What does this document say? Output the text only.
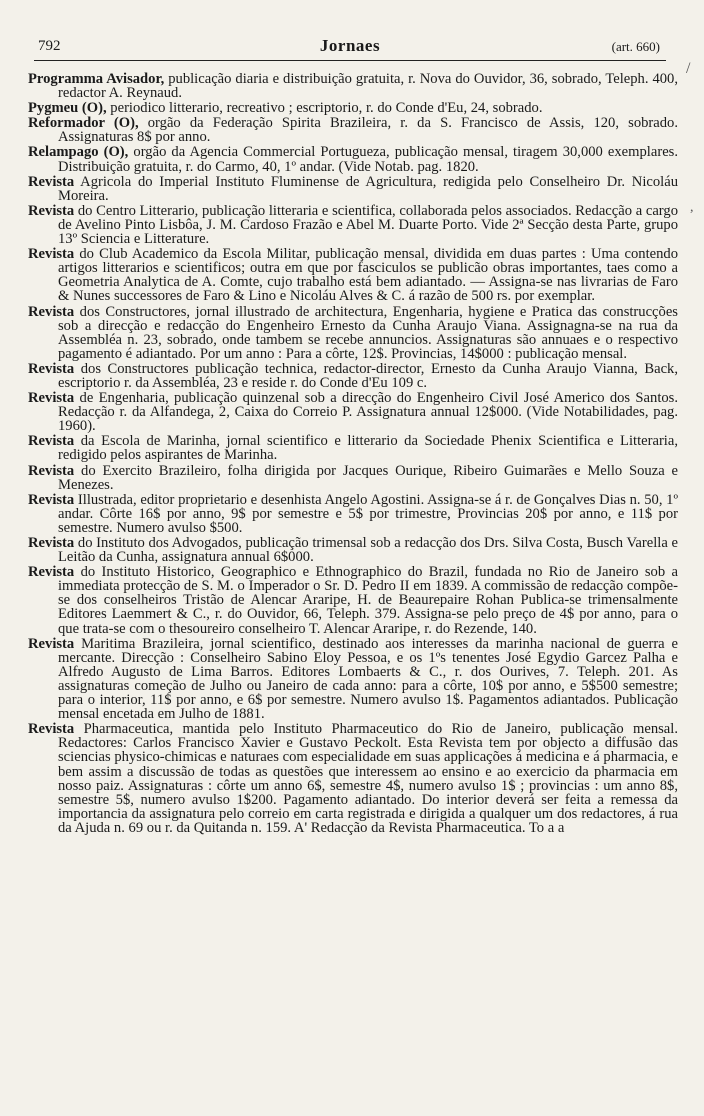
792	Jornaes	(art. 660)
/
,

Programma Avisador, publicação diaria e distribuição gratuita, r. Nova do Ouvidor, 36, sobrado, Teleph. 400, redactor A. Reynaud.

Pygmeu (O), periodico litterario, recreativo ; escriptorio, r. do Conde d'Eu, 24, sobrado.

Reformador (O), orgão da Federação Spirita Brazileira, r. da S. Francisco de Assis, 120, sobrado. Assignaturas 8$ por anno.

Relampago (O), orgão da Agencia Commercial Portugueza, publicação mensal, tiragem 30,000 exemplares. Distribuição gratuita, r. do Carmo, 40, 1º andar. (Vide Notab. pag. 1820.

Revista Agricola do Imperial Instituto Fluminense de Agricultura, redigida pelo Conselheiro Dr. Nicoláu Moreira.

Revista do Centro Litterario, publicação litteraria e scientifica, collaborada pelos associados. Redacção a cargo de Avelino Pinto Lisbôa, J. M. Cardoso Frazão e Abel M. Duarte Porto. Vide 2ª Secção desta Parte, grupo 13º Sciencia e Litterature.

Revista do Club Academico da Escola Militar, publicação mensal, dividida em duas partes : Uma contendo artigos litterarios e scientificos; outra em que por fasciculos se publicão obras importantes, taes como a Geometria Analytica de A. Comte, cujo trabalho está bem adiantado. — Assigna-se nas livrarias de Faro & Nunes successores de Faro & Lino e Nicoláu Alves & C. á razão de 500 rs. por exemplar.

Revista dos Constructores, jornal illustrado de architectura, Engenharia, hygiene e Pratica das construcções sob a direcção e redacção do Engenheiro Ernesto da Cunha Araujo Viana. Assignagna-se na rua da Assembléa n. 23, sobrado, onde tambem se recebe annuncios. Assignaturas são annuaes e o respectivo pagamento é adiantado. Por um anno : Para a côrte, 12$. Provincias, 14$000 : publicação mensal.

Revista dos Constructores publicação technica, redactor-director, Ernesto da Cunha Araujo Vianna, Back, escriptorio r. da Assembléa, 23 e reside r. do Conde d'Eu 109 c.

Revista de Engenharia, publicação quinzenal sob a direcção do Engenheiro Civil José Americo dos Santos. Redacção r. da Alfandega, 2, Caixa do Correio P. Assignatura annual 12$000. (Vide Notabilidades, pag. 1960).

Revista da Escola de Marinha, jornal scientifico e litterario da Sociedade Phenix Scientifica e Litteraria, redigido pelos aspirantes de Marinha.

Revista do Exercito Brazileiro, folha dirigida por Jacques Ourique, Ribeiro Guimarães e Mello Souza e Menezes.

Revista Illustrada, editor proprietario e desenhista Angelo Agostini. Assigna-se á r. de Gonçalves Dias n. 50, 1º andar. Côrte 16$ por anno, 9$ por semestre e 5$ por trimestre, Provincias 20$ por anno, e 11$ por semestre. Numero avulso $500.

Revista do Instituto dos Advogados, publicação trimensal sob a redacção dos Drs. Silva Costa, Busch Varella e Leitão da Cunha, assignatura annual 6$000.

Revista do Instituto Historico, Geographico e Ethnographico do Brazil, fundada no Rio de Janeiro sob a immediata protecção de S. M. o Imperador o Sr. D. Pedro II em 1839. A commissão de redacção compõe-se dos conselheiros Tristão de Alencar Araripe, H. de Beaurepaire Rohan Publica-se trimensalmente Editores Laemmert & C., r. do Ouvidor, 66, Teleph. 379. Assigna-se pelo preço de 4$ por anno, para o que trata-se com o thesoureiro conselheiro T. Alencar Araripe, r. do Rezende, 140.

Revista Maritima Brazileira, jornal scientifico, destinado aos interesses da marinha nacional de guerra e mercante. Direcção : Conselheiro Sabino Eloy Pessoa, e os 1ºs tenentes José Egydio Garcez Palha e Alfredo Augusto de Lima Barros. Editores Lombaerts & C., r. dos Ourives, 7. Teleph. 201. As assignaturas começão de Julho ou Janeiro de cada anno: para a côrte, 10$ por anno, e 5$500 semestre; para o interior, 11$ por anno, e 6$ por semestre. Numero avulso 1$. Pagamentos adiantados. Publicação mensal encetada em Julho de 1881.

Revista Pharmaceutica, mantida pelo Instituto Pharmaceutico do Rio de Janeiro, publicação mensal. Redactores: Carlos Francisco Xavier e Gustavo Peckolt. Esta Revista tem por objecto a diffusão das sciencias physico-chimicas e naturaes com especialidade em suas applicações á medicina e á pharmacia, e bem assim a discussão de todas as questões que interessem ao ensino e ao exercicio da pharmacia em nosso paiz. Assignaturas : côrte um anno 6$, semestre 4$, numero avulso 1$ ; provincias : um anno 8$, semestre 5$, numero avulso 1$200. Pagamento adiantado. Do interior deverá ser feita a remessa da importancia da assignatura pelo correio em carta registrada e dirigida a qualquer um dos redactores, á rua da Ajuda n. 69 ou r. da Quitanda n. 159. A' Redacção da Revista Pharmaceutica. To a a
